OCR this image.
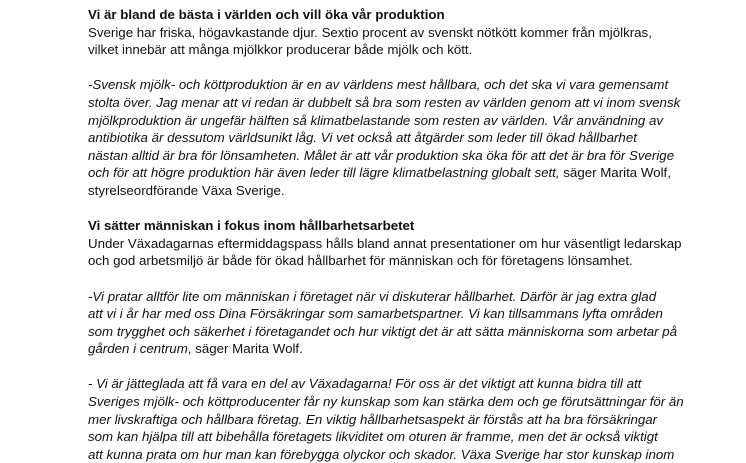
Vi är bland de bästa i världen och vill öka vår produktion

Sverige har friska, högavkastande djur. Sextio procent av svenskt nötkött kommer från mjölkras,

vilket innebär att många mjölkkor producerar både mjölk och kött.

-Svensk mjölk- och köttproduktion är en av världens mest hållbara, och det ska vi vara gemensamt

stolta över. Jag menar att vi redan är dubbelt så bra som resten av världen genom att vi inom svensk

mjölkproduktion är ungefär hälften så klimatbelastande som resten av världen. Vår användning av

antibiotika är dessutom världsunikt låg. Vi vet också att åtgärder som leder till ökad hållbarhet

nästan alltid är bra för lönsamheten. Målet är att vår produktion ska öka för att det är bra för Sverige

och för att högre produktion här även leder till lägre klimatbelastning globalt sett, säger Marita Wolf,

styrelseordförande Växa Sverige.

Vi sätter människan i fokus inom hållbarhetsarbetet

Under Växadagarnas eftermiddagspass hålls bland annat presentationer om hur väsentligt ledarskap

och god arbetsmiljö är både för ökad hållbarhet för människan och för företagens lönsamhet.

-Vi pratar alltför lite om människan i företaget när vi diskuterar hållbarhet. Därför är jag extra glad

att vi i år har med oss Dina Försäkringar som samarbetspartner. Vi kan tillsammans lyfta områden

som trygghet och säkerhet i företagandet och hur viktigt det är att sätta människorna som arbetar på

gården i centrum, säger Marita Wolf.

- Vi är jätteglada att få vara en del av Växadagarna! För oss är det viktigt att kunna bidra till att

Sveriges mjölk- och köttproducenter får ny kunskap som kan stärka dem och ge förutsättningar för än

mer livskraftiga och hållbara företag. En viktig hållbarhetsaspekt är förstås att ha bra försäkringar

som kan hjälpa till att bibehålla företagets likviditet om oturen är framme, men det är också viktigt

att kunna prata om hur man kan förebygga olyckor och skador. Växa Sverige har stor kunskap inom
